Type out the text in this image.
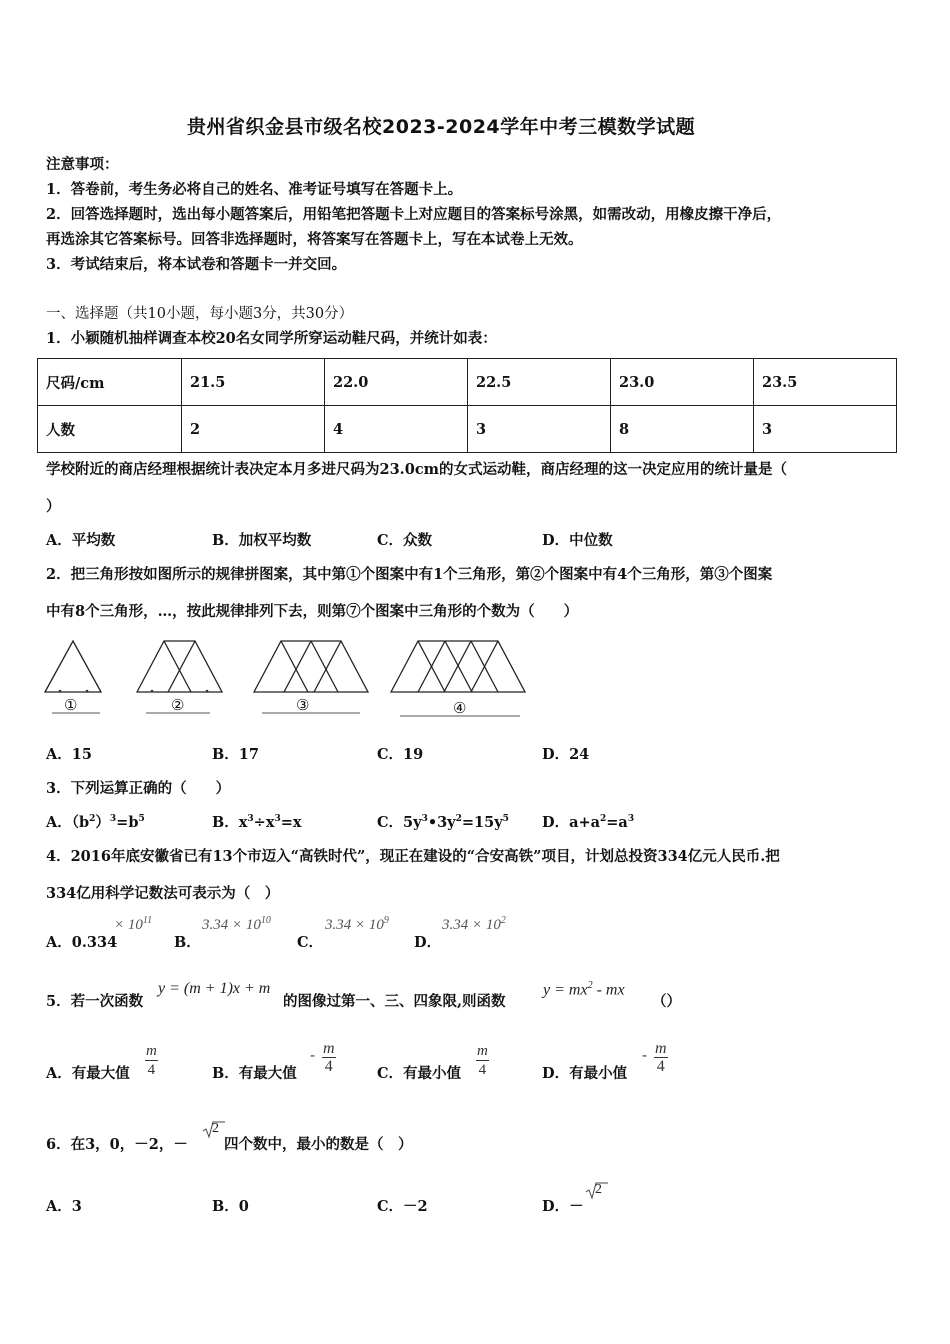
贵州省织金县市级名校2023-2024学年中考三模数学试题
注意事项：
1．答卷前，考生务必将自己的姓名、准考证号填写在答题卡上。
2．回答选择题时，选出每小题答案后，用铅笔把答题卡上对应题目的答案标号涂黑，如需改动，用橡皮擦干净后，
再选涂其它答案标号。回答非选择题时，将答案写在答题卡上，写在本试卷上无效。
3．考试结束后，将本试卷和答题卡一并交回。
一、选择题（共10小题，每小题3分，共30分）
1．小颖随机抽样调查本校20名女同学所穿运动鞋尺码，并统计如表：
尺码/cm	21.5	22.0	22.5	23.0	23.5
人数	2	4	3	8	3
学校附近的商店经理根据统计表决定本月多进尺码为23.0cm的女式运动鞋，商店经理的这一决定应用的统计量是（
）
A．平均数	B．加权平均数	C．众数	D．中位数
2．把三角形按如图所示的规律拼图案，其中第①个图案中有1个三角形，第②个图案中有4个三角形，第③个图案
中有8个三角形，…，按此规律排列下去，则第⑦个图案中三角形的个数为（　　）
①	②	③	④
A．15	B．17	C．19	D．24
3．下列运算正确的（　　）
A．$(b^2)^3=b^5$	B．$x^3\div x^3=x$	C．$5y^3•3y^2=15y^5$ D．$a+a^2=a^3$
4．2016年底安徽省已有13个市迈入“高铁时代”，现正在建设的“合安高铁”项目，计划总投资334亿元人民币.把
334亿用科学记数法可表示为（　）
A．0.334
× $10^{11}$
B．
$3.34 \times 10^{10}$
C．
$3.34 \times 10^9$
D．
$3.34 \times 10^2$
5．若一次函数
y = (m + 1)x + m
的图像过第一、三、四象限,则函数
$y = mx^2$ - mx
（）
A．有最大值 $\frac{m}{4}$	B．有最大值
- $\frac{m}{4}$	C．有最小值 $\frac{m}{4}$	D．有最小值
- $\frac{m}{4}$
6．在3，0，－2，－
2
四个数中，最小的数是（　）
A．3	B．0	C．－2	D．－
2
